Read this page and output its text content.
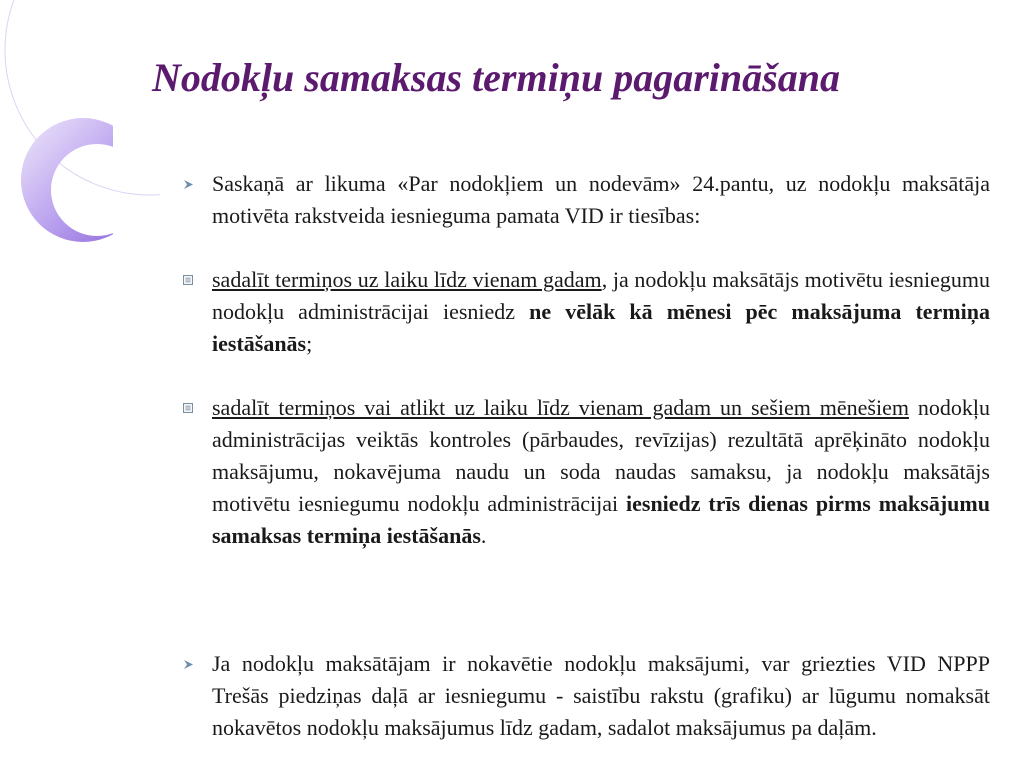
Nodokļu samaksas termiņu pagarināšana

Saskaņā ar likuma «Par nodokļiem un nodevām» 24.pantu, uz nodokļu maksātāja motivēta rakstveida iesnieguma pamata VID ir tiesības:

sadalīt termiņos uz laiku līdz vienam gadam, ja nodokļu maksātājs motivētu iesniegumu nodokļu administrācijai iesniedz ne vēlāk kā mēnesi pēc maksājuma termiņa iestāšanās;

sadalīt termiņos vai atlikt uz laiku līdz vienam gadam un sešiem mēnešiem nodokļu administrācijas veiktās kontroles (pārbaudes, revīzijas) rezultātā aprēķināto nodokļu maksājumu, nokavējuma naudu un soda naudas samaksu, ja nodokļu maksātājs motivētu iesniegumu nodokļu administrācijai iesniedz trīs dienas pirms maksājumu samaksas termiņa iestāšanās.

Ja nodokļu maksātājam ir nokavētie nodokļu maksājumi, var griezties VID NPPP Trešās piedziņas daļā ar iesniegumu - saistību rakstu (grafiku) ar lūgumu nomaksāt nokavētos nodokļu maksājumus līdz gadam, sadalot maksājumus pa daļām.
